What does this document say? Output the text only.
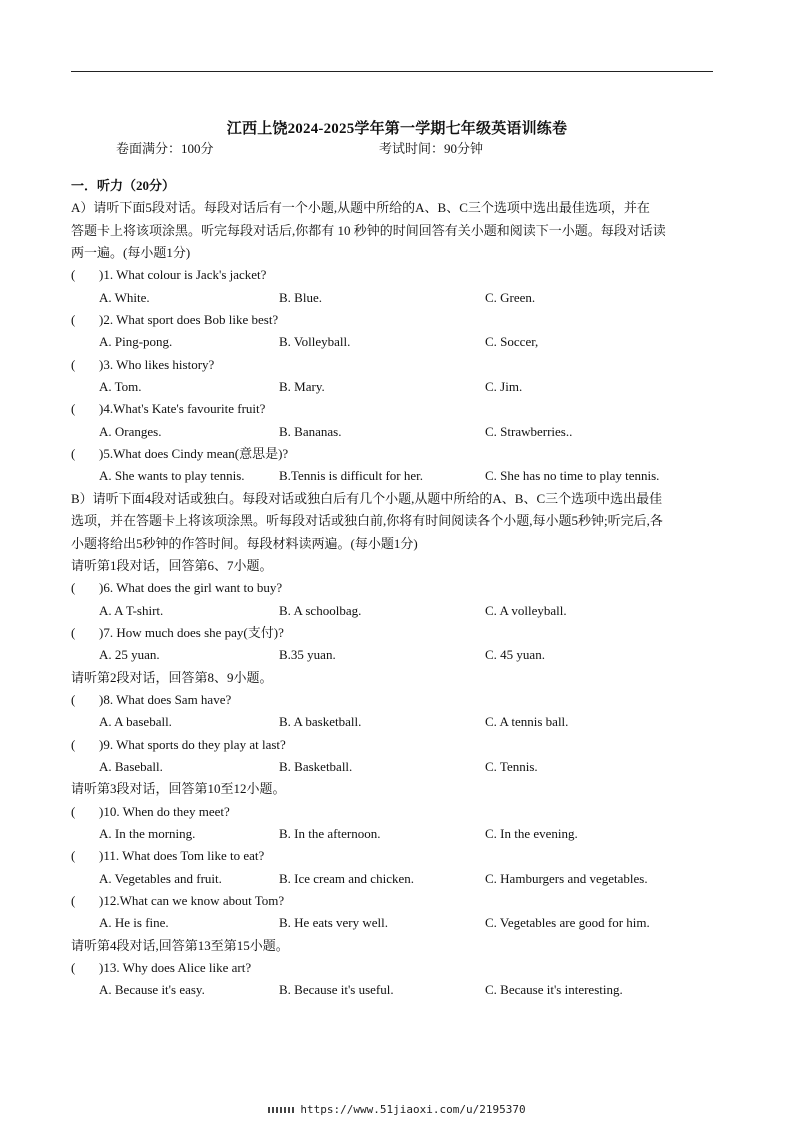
江西上饶2024-2025学年第一学期七年级英语训练卷
卷面满分：100分	考试时间：90分钟
一．听力（20分）
A）请听下面5段对话。每段对话后有一个小题,从题中所给的A、B、C三个选项中选出最佳选项，并在
答题卡上将该项涂黑。听完每段对话后,你都有 10 秒钟的时间回答有关小题和阅读下一小题。每段对话读
两一遍。(每小题1分)
( )1. What colour is Jack's jacket?
A. White.	B. Blue.	C. Green.
( )2. What sport does Bob like best?
A. Ping-pong.	B. Volleyball.	C. Soccer,
( )3. Who likes history?
A. Tom.	B. Mary.	C. Jim.
( )4.What's Kate's favourite fruit?
A. Oranges.	B. Bananas.	C. Strawberries..
( )5.What does Cindy mean(意思是)?
A. She wants to play tennis.	B.Tennis is difficult for her.	C. She has no time to play tennis.
B）请听下面4段对话或独白。每段对话或独白后有几个小题,从题中所给的A、B、C三个选项中选出最佳
选项，并在答题卡上将该项涂黑。听每段对话或独白前,你将有时间阅读各个小题,每小题5秒钟;听完后,各
小题将给出5秒钟的作答时间。每段材料读两遍。(每小题1分)
请听第1段对话，回答第6、7小题。
( )6. What does the girl want to buy?
A. A T-shirt.	B. A schoolbag.	C. A volleyball.
( )7. How much does she pay(支付)?
A. 25 yuan.	B.35 yuan.	C. 45 yuan.
请听第2段对话，回答第8、9小题。
( )8. What does Sam have?
A. A baseball.	B. A basketball.	C. A tennis ball.
( )9. What sports do they play at last?
A. Baseball.	B. Basketball.	C. Tennis.
请听第3段对话，回答第10至12小题。
( )10. When do they meet?
A. In the morning.	B. In the afternoon.	C. In the evening.
( )11. What does Tom like to eat?
A. Vegetables and fruit.	B. Ice cream and chicken.	C. Hamburgers and vegetables.
( )12.What can we know about Tom?
A. He is fine.	B. He eats very well.	C. Vegetables are good for him.
请听第4段对话,回答第13至第15小题。
( )13. Why does Alice like art?
A. Because it's easy.	B. Because it's useful.	C. Because it's interesting.
https://www.51jiaoxi.com/u/2195370
